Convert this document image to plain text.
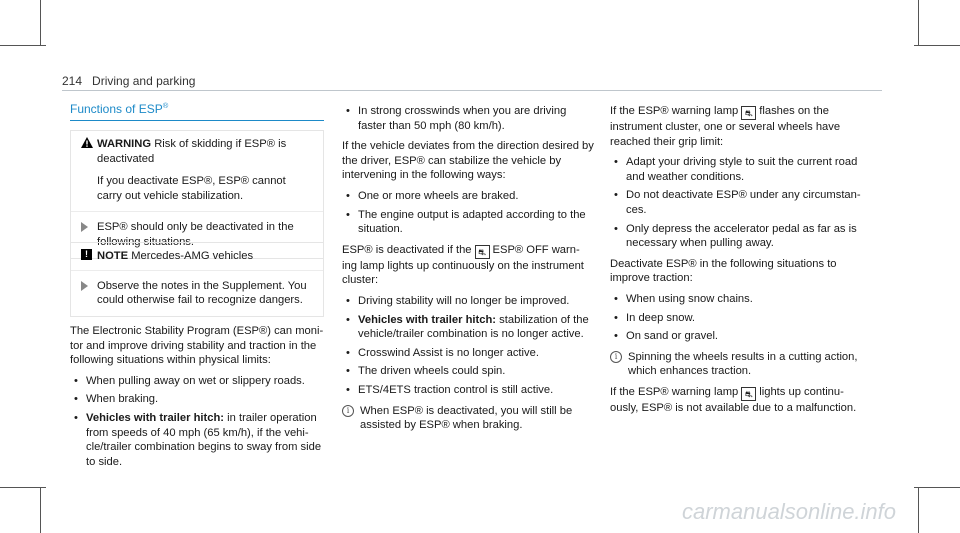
214 Driving and parking
Functions of ESP®
WARNING Risk of skidding if ESP® is deactivated
If you deactivate ESP®, ESP® cannot carry out vehicle stabilization.
ESP® should only be deactivated in the following situations.
! NOTE Mercedes-AMG vehicles
Observe the notes in the Supplement. You could otherwise fail to recognize dangers.

The Electronic Stability Program (ESP®) can moni-tor and improve driving stability and traction in the following situations within physical limits:

• When pulling away on wet or slippery roads.
• When braking.
• Vehicles with trailer hitch: in trailer operation from speeds of 40 mph (65 km/h), if the vehi-cle/trailer combination begins to sway from side to side.
• In strong crosswinds when you are driving faster than 50 mph (80 km/h).

If the vehicle deviates from the direction desired by the driver, ESP® can stabilize the vehicle by intervening in the following ways:

• One or more wheels are braked.
• The engine output is adapted according to the situation.

ESP® is deactivated if the ⛐ ESP® OFF warn-ing lamp lights up continuously on the instrument cluster:

• Driving stability will no longer be improved.
• Vehicles with trailer hitch: stabilization of the vehicle/trailer combination is no longer active.
• Crosswind Assist is no longer active.
• The driven wheels could spin.
• ETS/4ETS traction control is still active.
i When ESP® is deactivated, you will still be assisted by ESP® when braking.

If the ESP® warning lamp ⛐ flashes on the instrument cluster, one or several wheels have reached their grip limit:

• Adapt your driving style to suit the current road and weather conditions.
• Do not deactivate ESP® under any circumstan-ces.
• Only depress the accelerator pedal as far as is necessary when pulling away.

Deactivate ESP® in the following situations to improve traction:

• When using snow chains.
• In deep snow.
• On sand or gravel.
i Spinning the wheels results in a cutting action, which enhances traction.

If the ESP® warning lamp ⛐ lights up continu-ously, ESP® is not available due to a malfunction.

carmanualsonline.info
